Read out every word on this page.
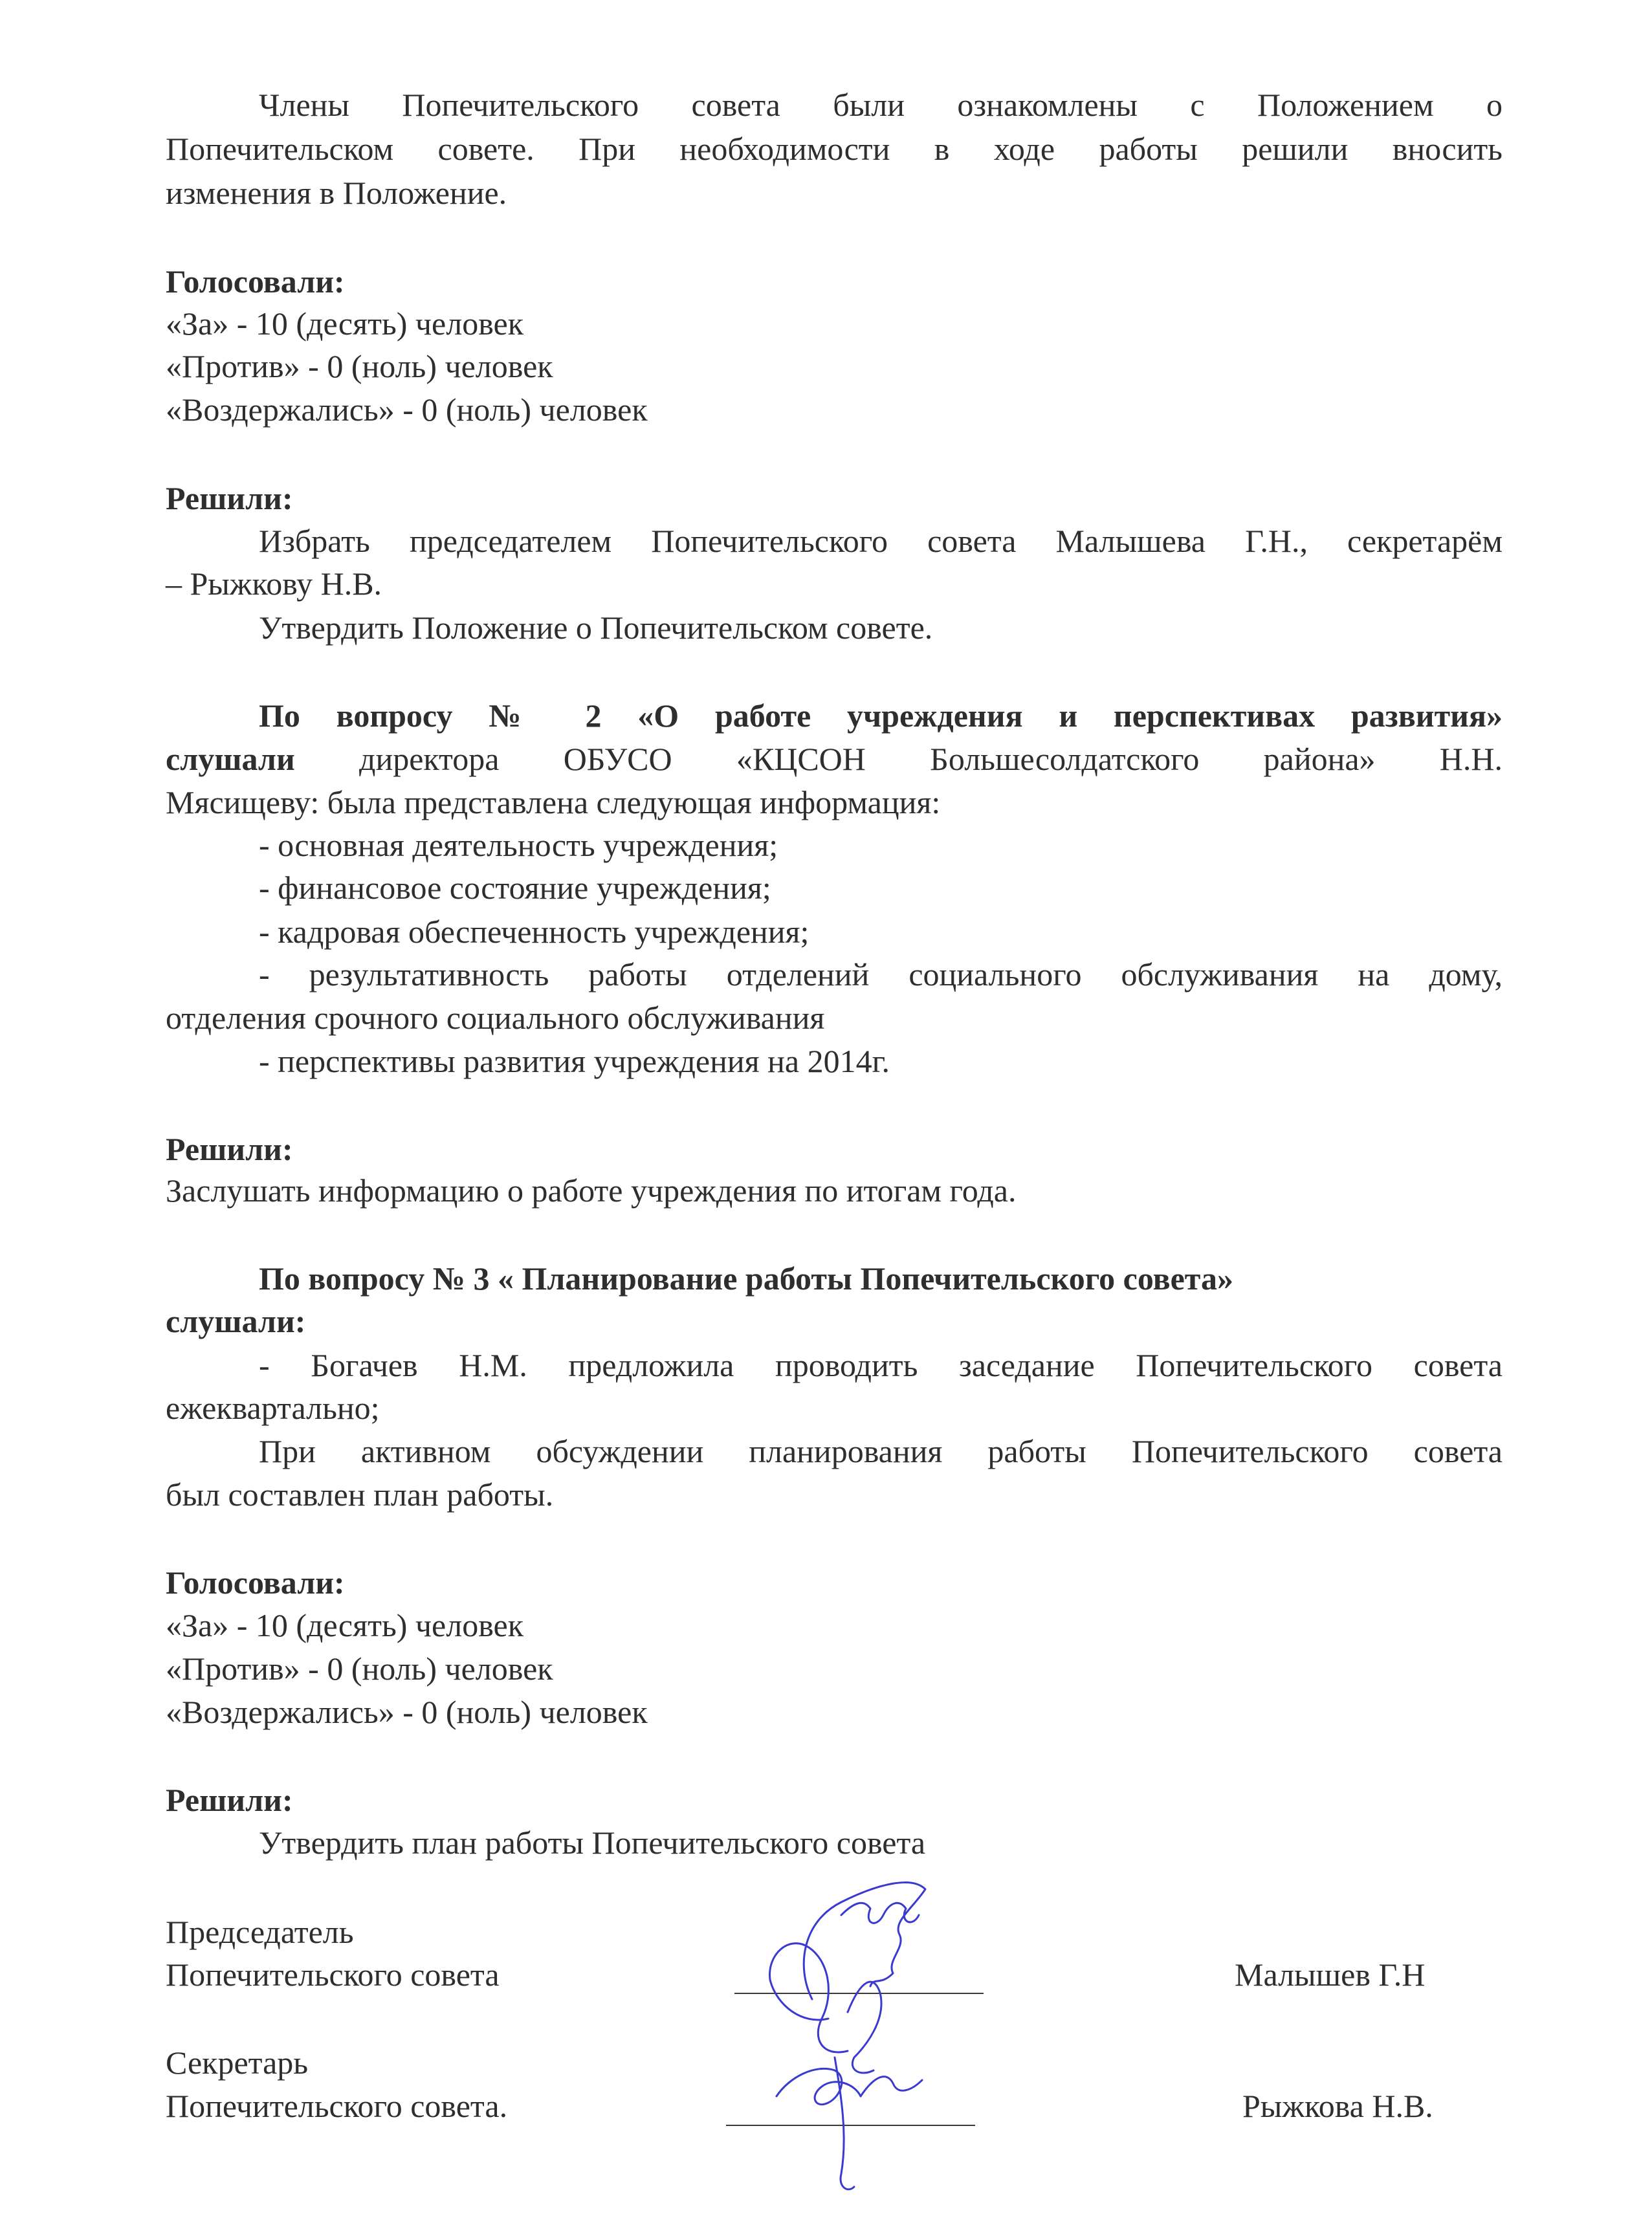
Члены Попечительского совета были ознакомлены с Положением о
Попечительском совете. При необходимости в ходе работы решили вносить
изменения в Положение.
Голосовали:
«За» - 10 (десять) человек
«Против» - 0 (ноль) человек
«Воздержались» - 0 (ноль) человек
Решили:
Избрать председателем Попечительского совета Малышева Г.Н., секретарём
– Рыжкову Н.В.
Утвердить Положение о Попечительском совете.
По вопросу № 2 «О работе учреждения и перспективах развития»
слушали директора ОБУСО «КЦСОН Большесолдатского района» Н.Н.
Мясищеву: была представлена следующая информация:
- основная деятельность учреждения;
- финансовое состояние учреждения;
- кадровая обеспеченность учреждения;
- результативность работы отделений социального обслуживания на дому,
отделения срочного социального обслуживания
- перспективы развития учреждения на 2014г.
Решили:
Заслушать информацию о работе учреждения по итогам года.
По вопросу № 3 « Планирование работы Попечительского совета»
слушали:
- Богачев Н.М. предложила проводить заседание Попечительского совета
ежеквартально;
При активном обсуждении планирования работы Попечительского совета
был составлен план работы.
Голосовали:
«За» - 10 (десять) человек
«Против» - 0 (ноль) человек
«Воздержались» - 0 (ноль) человек
Решили:
Утвердить план работы Попечительского совета
Председатель
Попечительского совета	Малышев Г.Н
Секретарь
Попечительского совета.	Рыжкова Н.В.
